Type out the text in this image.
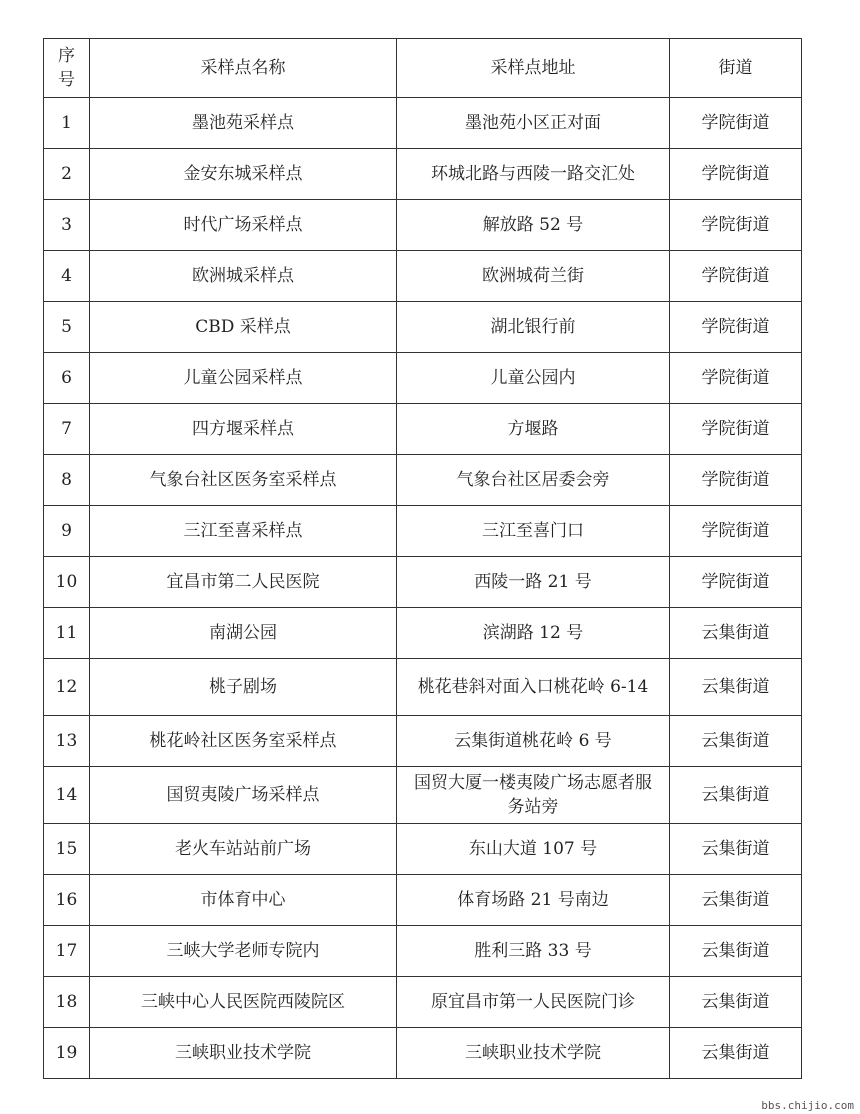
序号	采样点名称	采样点地址	街道
1	墨池苑采样点	墨池苑小区正对面	学院街道
2	金安东城采样点	环城北路与西陵一路交汇处	学院街道
3	时代广场采样点	解放路 52 号	学院街道
4	欧洲城采样点	欧洲城荷兰街	学院街道
5	CBD 采样点	湖北银行前	学院街道
6	儿童公园采样点	儿童公园内	学院街道
7	四方堰采样点	方堰路	学院街道
8	气象台社区医务室采样点	气象台社区居委会旁	学院街道
9	三江至喜采样点	三江至喜门口	学院街道
10	宜昌市第二人民医院	西陵一路 21 号	学院街道
11	南湖公园	滨湖路 12 号	云集街道
12	桃子剧场	桃花巷斜对面入口桃花岭 6-14	云集街道
13	桃花岭社区医务室采样点	云集街道桃花岭 6 号	云集街道
14	国贸夷陵广场采样点	国贸大厦一楼夷陵广场志愿者服务站旁	云集街道
15	老火车站站前广场	东山大道 107 号	云集街道
16	市体育中心	体育场路 21 号南边	云集街道
17	三峡大学老师专院内	胜利三路 33 号	云集街道
18	三峡中心人民医院西陵院区	原宜昌市第一人民医院门诊	云集街道
19	三峡职业技术学院	三峡职业技术学院	云集街道
bbs.chijio.com
